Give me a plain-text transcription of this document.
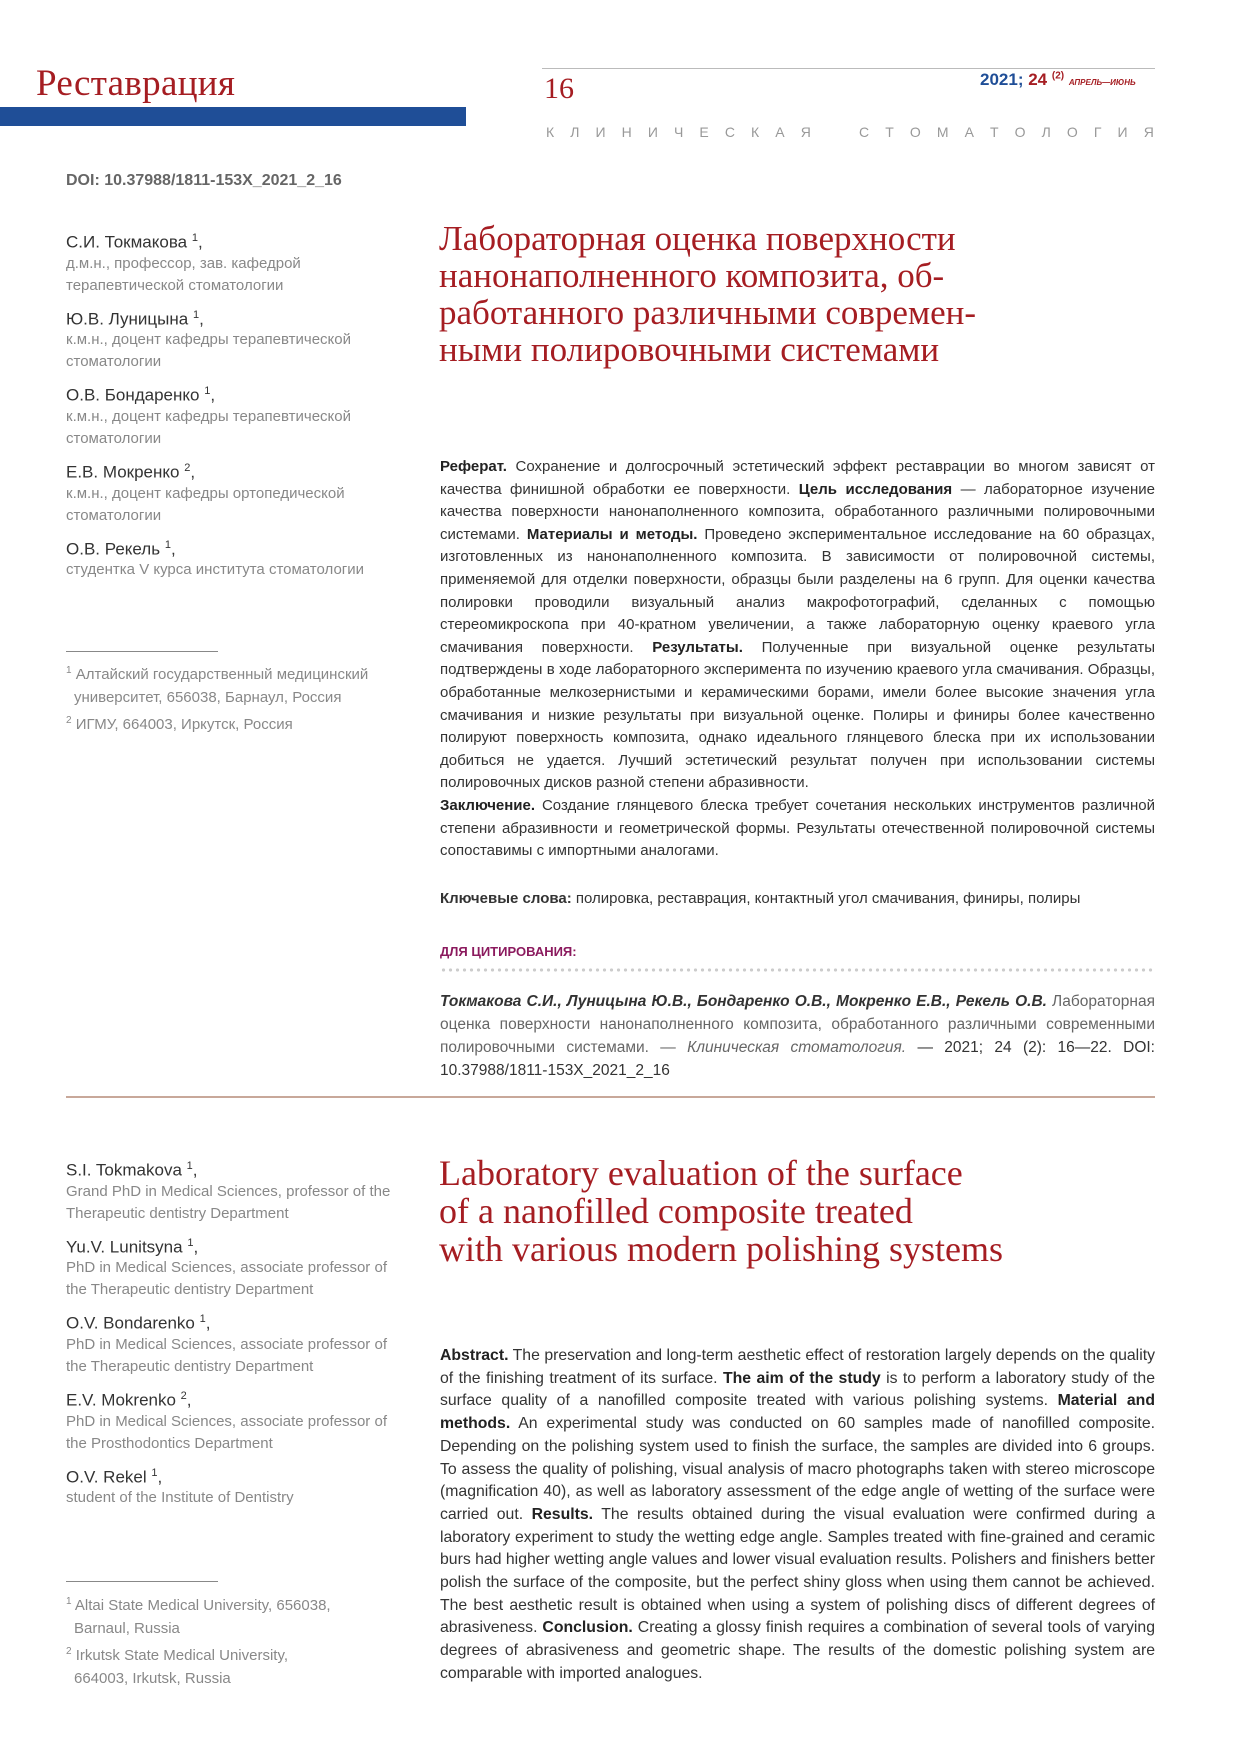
Реставрация	16	2021; 24 $^{(2)}$ АПРЕЛЬ—ИЮНЬ
К Л И Н И Ч Е С К А Я	С Т О М А Т О Л О Г И Я
DOI: 10.37988/1811-153X_2021_2_16
С.И. Токмакова $^1$,
д.м.н., профессор, зав. кафедрой терапевтической стоматологии
Ю.В. Луницына $^1$,
к.м.н., доцент кафедры терапевтической стоматологии
О.В. Бондаренко $^1$,
к.м.н., доцент кафедры терапевтической стоматологии
Е.В. Мокренко $^2$,
к.м.н., доцент кафедры ортопедической стоматологии
О.В. Рекель $^1$,
студентка V курса института стоматологии
$^1$ Алтайский государственный медицинский университет, 656038, Барнаул, Россия
$^2$ ИГМУ, 664003, Иркутск, Россия
Лабораторная оценка поверхности
нанонаполненного композита, об-
работанного различными современ-
ными полировочными системами
Реферат. Сохранение и долгосрочный эстетический эффект реставрации во многом зависят от качества финишной обработки ее поверхности. Цель исследования — лабораторное изучение качества поверхности нанонаполненного композита, обработанного различными полировочными системами. Материалы и методы. Проведено экспериментальное исследование на 60 образцах, изготовленных из нанонаполненного композита. В зависимости от полировочной системы, применяемой для отделки поверхности, образцы были разделены на 6 групп. Для оценки качества полировки проводили визуальный анализ макрофотографий, сделанных с помощью стереомикроскопа при 40-кратном увеличении, а также лабораторную оценку краевого угла смачивания поверхности. Результаты. Полученные при визуальной оценке результаты подтверждены в ходе лабораторного эксперимента по изучению краевого угла смачивания. Образцы, обработанные мелкозернистыми и керамическими борами, имели более высокие значения угла смачивания и низкие результаты при визуальной оценке. Полиры и финиры более качественно полируют поверхность композита, однако идеального глянцевого блеска при их использовании добиться не удается. Лучший эстетический результат получен при использовании системы полировочных дисков разной степени абразивности.
Заключение. Создание глянцевого блеска требует сочетания нескольких инструментов различной степени абразивности и геометрической формы. Результаты отечественной полировочной системы сопоставимы с импортными аналогами.
Ключевые слова: полировка, реставрация, контактный угол смачивания, финиры, полиры
ДЛЯ ЦИТИРОВАНИЯ:
Токмакова С.И., Луницына Ю.В., Бондаренко О.В., Мокренко Е.В., Рекель О.В. Лабораторная оценка поверхности нанонаполненного композита, обработанного различными современными полировочными системами. — Клиническая стоматология. — 2021; 24 (2): 16—22. DOI: 10.37988/1811-153X_2021_2_16
S.I. Tokmakova $^1$,
Grand PhD in Medical Sciences, professor of the Therapeutic dentistry Department
Yu.V. Lunitsyna $^1$,
PhD in Medical Sciences, associate professor of the Therapeutic dentistry Department
O.V. Bondarenko $^1$,
PhD in Medical Sciences, associate professor of the Therapeutic dentistry Department
E.V. Mokrenko $^2$,
PhD in Medical Sciences, associate professor of the Prosthodontics Department
O.V. Rekel $^1$,
student of the Institute of Dentistry
$^1$ Altai State Medical University, 656038, Barnaul, Russia
$^2$ Irkutsk State Medical University, 664003, Irkutsk, Russia
Laboratory evaluation of the surface
of a nanofilled composite treated
with various modern polishing systems
Abstract. The preservation and long-term aesthetic effect of restoration largely depends on the quality of the finishing treatment of its surface. The aim of the study is to perform a laboratory study of the surface quality of a nanofilled composite treated with various polishing systems. Material and methods. An experimental study was conducted on 60 samples made of nanofilled composite. Depending on the polishing system used to finish the surface, the samples are divided into 6 groups. To assess the quality of polishing, visual analysis of macro photographs taken with stereo microscope (magnification 40), as well as laboratory assessment of the edge angle of wetting of the surface were carried out. Results. The results obtained during the visual evaluation were confirmed during a laboratory experiment to study the wetting edge angle. Samples treated with fine-grained and ceramic burs had higher wetting angle values and lower visual evaluation results. Polishers and finishers better polish the surface of the composite, but the perfect shiny gloss when using them cannot be achieved. The best aesthetic result is obtained when using a system of polishing discs of different degrees of abrasiveness. Conclusion. Creating a glossy finish requires a combination of several tools of varying degrees of abrasiveness and geometric shape. The results of the domestic polishing system are comparable with imported analogues.
